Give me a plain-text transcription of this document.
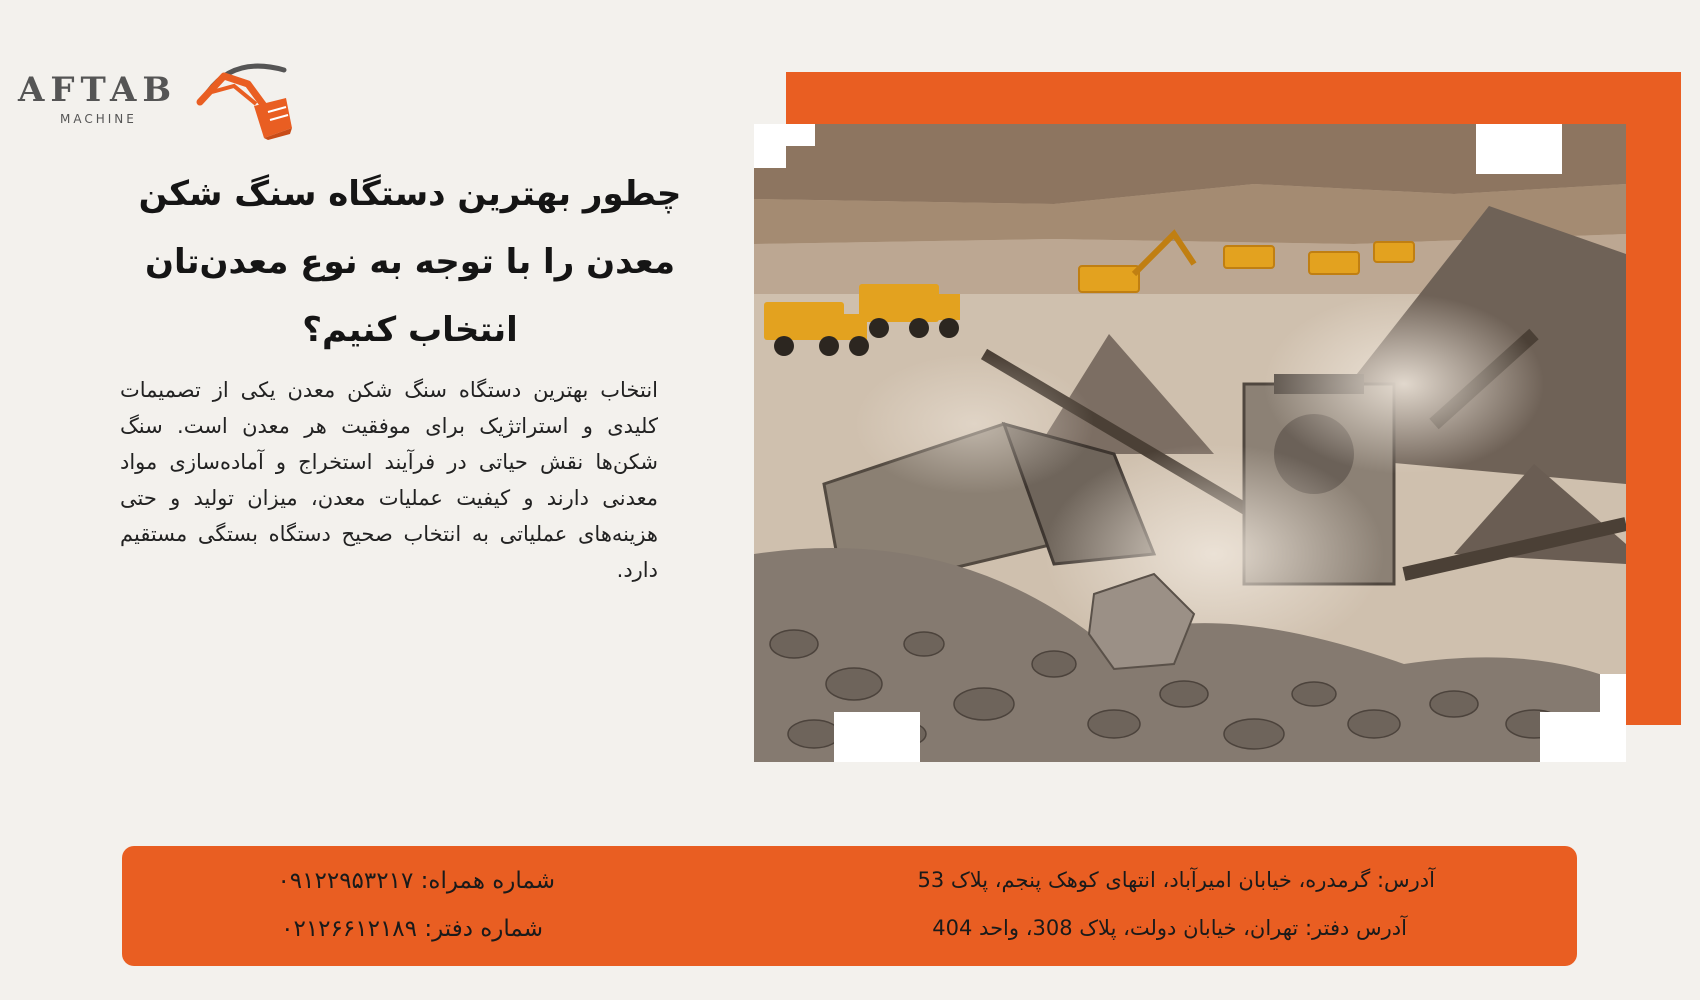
AFTAB
MACHINE
چطور بهترین دستگاه سنگ شکن
معدن را با توجه به نوع معدن‌تان
انتخاب کنیم؟

انتخاب بهترین دستگاه سنگ شکن معدن یکی از تصمیمات کلیدی و استراتژیک برای موفقیت هر معدن است. سنگ شکن‌ها نقش حیاتی در فرآیند استخراج و آماده‌سازی مواد معدنی دارند و کیفیت عملیات معدن، میزان تولید و حتی هزینه‌های عملیاتی به انتخاب صحیح دستگاه بستگی مستقیم دارد.

آدرس: گرمدره، خیابان امیرآباد، انتهای کوهک پنجم، پلاک 53
آدرس دفتر: تهران، خیابان دولت، پلاک 308، واحد 404
شماره همراه: ۰۹۱۲۲۹۵۳۲۱۷
شماره دفتر: ۰۲۱۲۶۶۱۲۱۸۹
